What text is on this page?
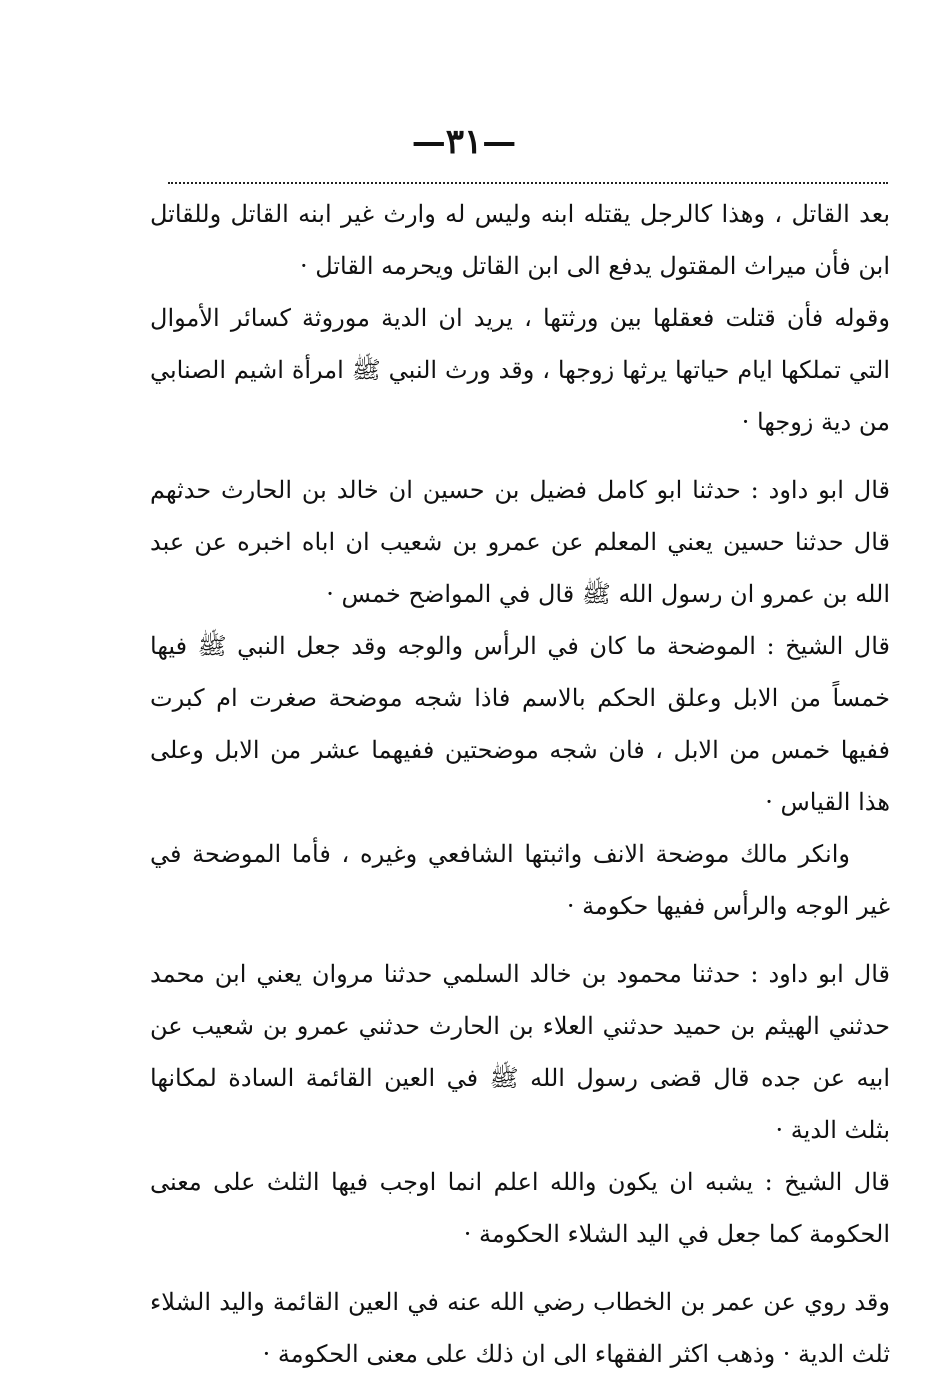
—٣١—

بعد القاتل ، وهذا كالرجل يقتله ابنه وليس له وارث غير ابنه القاتل وللقاتل ابن فأن ميراث المقتول يدفع الى ابن القاتل ويحرمه القاتل ·

وقوله فأن قتلت فعقلها بين ورثتها ، يريد ان الدية موروثة كسائر الأموال التي تملكها ايام حياتها يرثها زوجها ، وقد ورث النبي ﷺ امرأة اشيم الصنابي من دية زوجها ·

قال ابو داود : حدثنا ابو كامل فضيل بن حسين ان خالد بن الحارث حدثهم قال حدثنا حسين يعني المعلم عن عمرو بن شعيب ان اباه اخبره عن عبد الله بن عمرو ان رسول الله ﷺ قال في المواضح خمس ·

قال الشيخ : الموضحة ما كان في الرأس والوجه وقد جعل النبي ﷺ فيها خمساً من الابل وعلق الحكم بالاسم فاذا شجه موضحة صغرت ام كبرت ففيها خمس من الابل ، فان شجه موضحتين ففيهما عشر من الابل وعلى هذا القياس ·

وانكر مالك موضحة الانف واثبتها الشافعي وغيره ، فأما الموضحة في غير الوجه والرأس ففيها حكومة ·

قال ابو داود : حدثنا محمود بن خالد السلمي حدثنا مروان يعني ابن محمد حدثني الهيثم بن حميد حدثني العلاء بن الحارث حدثني عمرو بن شعيب عن ابيه عن جده قال قضى رسول الله ﷺ في العين القائمة السادة لمكانها بثلث الدية ·

قال الشيخ : يشبه ان يكون والله اعلم انما اوجب فيها الثلث على معنى الحكومة كما جعل في اليد الشلاء الحكومة ·

وقد روي عن عمر بن الخطاب رضي الله عنه في العين القائمة واليد الشلاء ثلث الدية · وذهب اكثر الفقهاء الى ان ذلك على معنى الحكومة ·
